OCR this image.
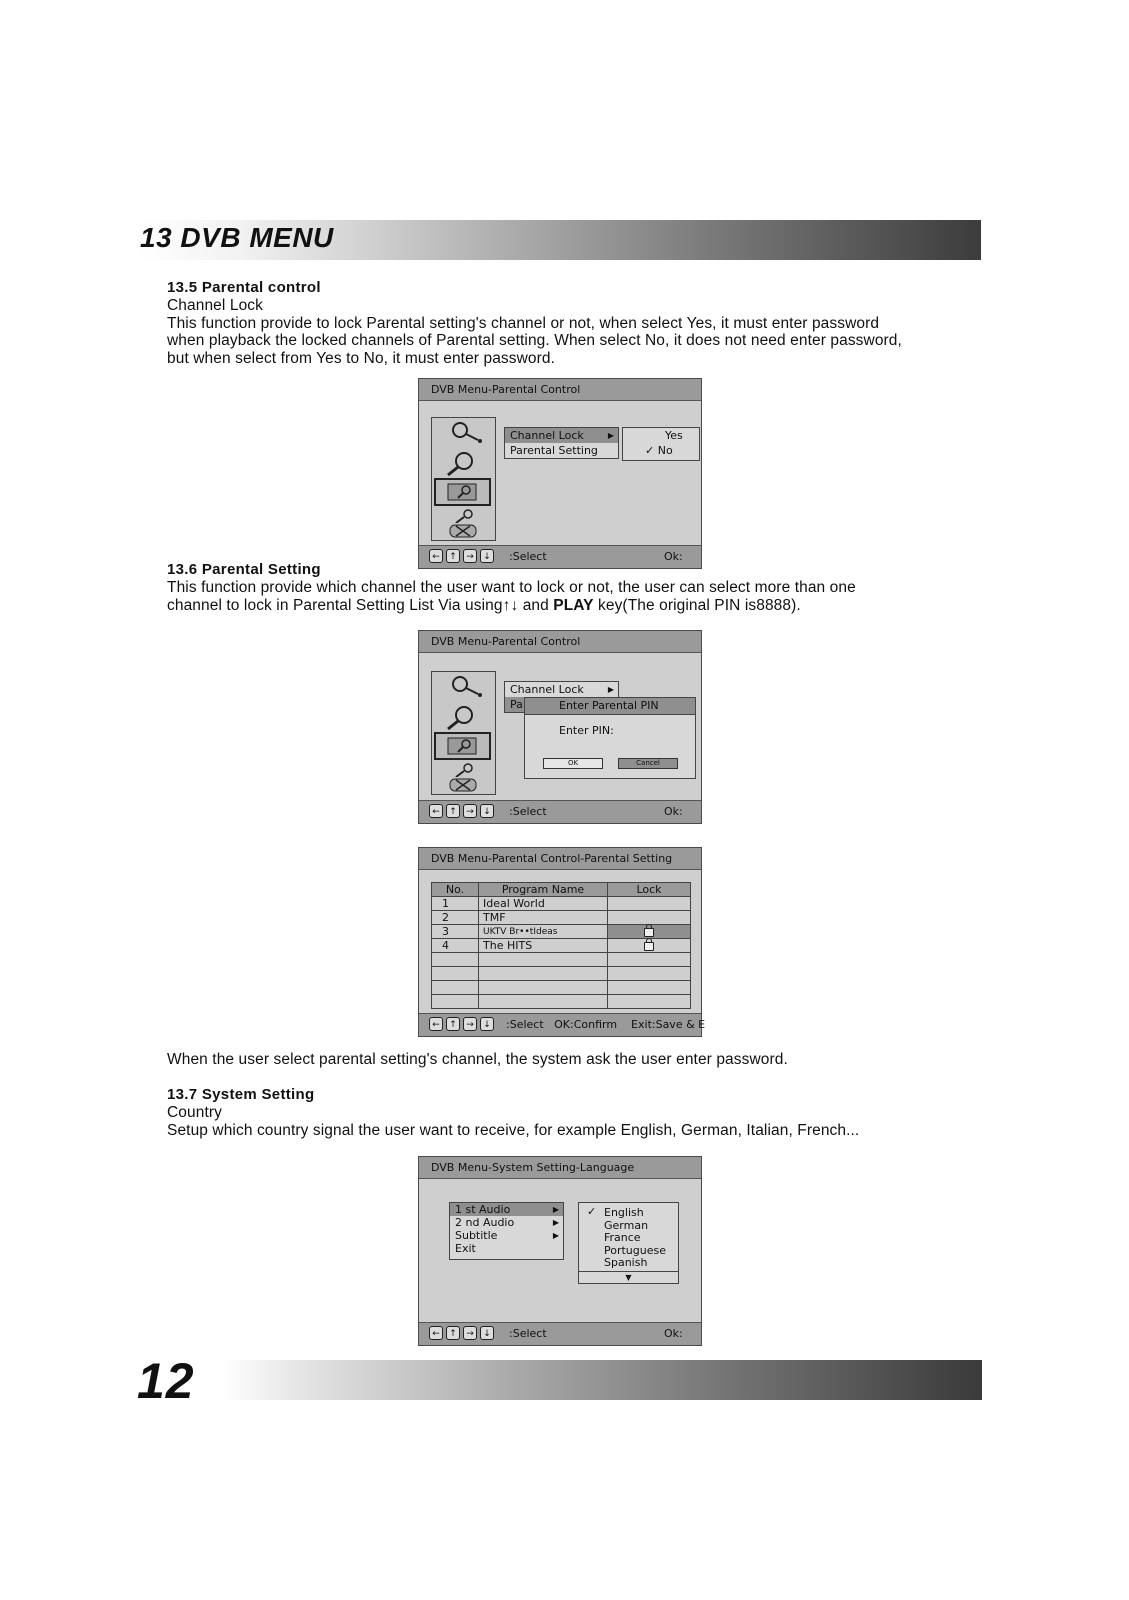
13 DVB MENU
13.5 Parental control
Channel Lock
This function provide to lock Parental setting's channel or not, when select Yes, it must enter password
when playback the locked channels of Parental setting. When select No, it does not need enter password,
but when select from Yes to No, it must enter password.
DVB Menu-Parental Control
Channel Lock	▶
Parental Setting
Yes
✓ No
←	↑	→	↓ :Select	Ok:
13.6 Parental Setting
This function provide which channel the user want to lock or not, the user can select more than one
channel to lock in Parental Setting List Via using↑↓ and PLAY key(The original PIN is8888).
DVB Menu-Parental Control
Channel Lock	▶
Pa	Enter Parental PIN
Enter PIN:
OK	Cancel
←	↑	→	↓ :Select	Ok:
DVB Menu-Parental Control-Parental Setting
No.	Program Name	Lock
1	Ideal World	
2	TMF	
3	UKTV Br••tIdeas	
4	The HITS	

←	↑	→	↓ :Select   OK:Confirm    Exit:Save & E
When the user select parental setting's channel, the system ask the user enter password.
13.7 System Setting
Country
Setup which country signal the user want to receive, for example English, German, Italian, French...
DVB Menu-System Setting-Language
1 st Audio	▶
2 nd Audio	▶
Subtitle	▶
Exit
✓ English
German
France
Portuguese
Spanish
▼
←	↑	→	↓ :Select	Ok:
12
